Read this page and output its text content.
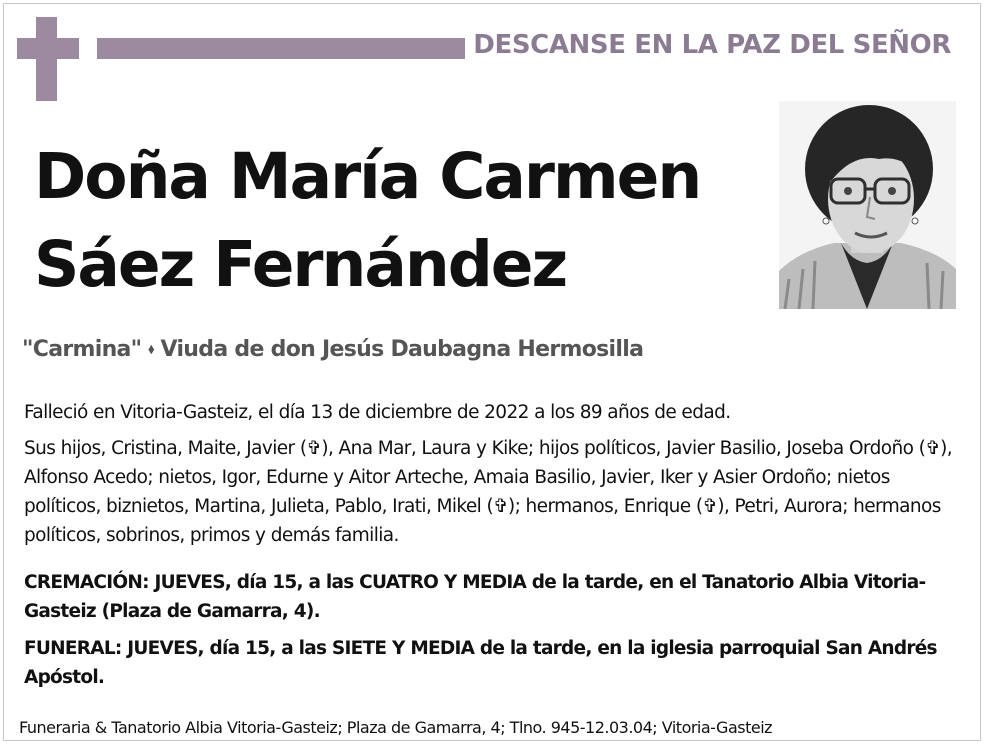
DESCANSE EN LA PAZ DEL SEÑOR
Doña María Carmen
Sáez Fernández
"Carmina" ⬧ Viuda de don Jesús Daubagna Hermosilla
Falleció en Vitoria-Gasteiz, el día 13 de diciembre de 2022 a los 89 años de edad.
Sus hijos, Cristina, Maite, Javier (✞), Ana Mar, Laura y Kike; hijos políticos, Javier Basilio, Joseba Ordoño (✞), Alfonso Acedo; nietos, Igor, Edurne y Aitor Arteche, Amaia Basilio, Javier, Iker y Asier Ordoño; nietos políticos, biznietos, Martina, Julieta, Pablo, Irati, Mikel (✞); hermanos, Enrique (✞), Petri, Aurora; hermanos políticos, sobrinos, primos y demás familia.
CREMACIÓN: JUEVES, día 15, a las CUATRO Y MEDIA de la tarde, en el Tanatorio Albia Vitoria-Gasteiz (Plaza de Gamarra, 4).
FUNERAL: JUEVES, día 15, a las SIETE Y MEDIA de la tarde, en la iglesia parroquial San Andrés Apóstol.
Funeraria & Tanatorio Albia Vitoria-Gasteiz; Plaza de Gamarra, 4; Tlno. 945-12.03.04; Vitoria-Gasteiz
